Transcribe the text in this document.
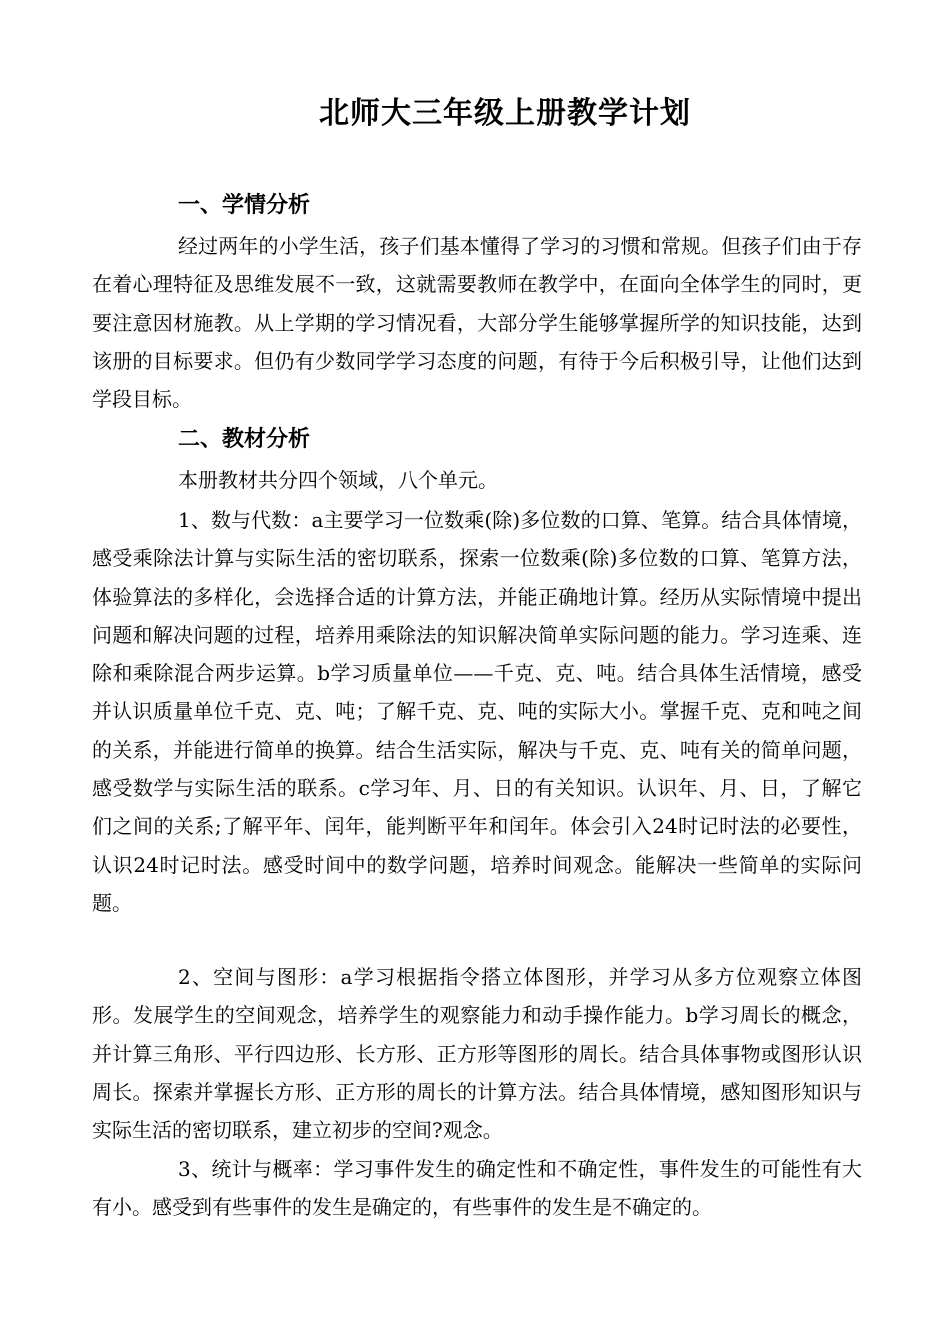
北师大三年级上册教学计划
一、学情分析

经过两年的小学生活，孩子们基本懂得了学习的习惯和常规。但孩子们由于存在着心理特征及思维发展不一致，这就需要教师在教学中，在面向全体学生的同时，更要注意因材施教。从上学期的学习情况看，大部分学生能够掌握所学的知识技能，达到该册的目标要求。但仍有少数同学学习态度的问题，有待于今后积极引导，让他们达到学段目标。

二、教材分析

本册教材共分四个领域，八个单元。

1、数与代数：a主要学习一位数乘(除)多位数的口算、笔算。结合具体情境，感受乘除法计算与实际生活的密切联系，探索一位数乘(除)多位数的口算、笔算方法，体验算法的多样化，会选择合适的计算方法，并能正确地计算。经历从实际情境中提出问题和解决问题的过程，培养用乘除法的知识解决简单实际问题的能力。学习连乘、连除和乘除混合两步运算。b学习质量单位——千克、克、吨。结合具体生活情境，感受并认识质量单位千克、克、吨；了解千克、克、吨的实际大小。掌握千克、克和吨之间的关系，并能进行简单的换算。结合生活实际，解决与千克、克、吨有关的简单问题，感受数学与实际生活的联系。c学习年、月、日的有关知识。认识年、月、日，了解它们之间的关系;了解平年、闰年，能判断平年和闰年。体会引入24时记时法的必要性，认识24时记时法。感受时间中的数学问题，培养时间观念。能解决一些简单的实际问题。

2、空间与图形：a学习根据指令搭立体图形，并学习从多方位观察立体图形。发展学生的空间观念，培养学生的观察能力和动手操作能力。b学习周长的概念，并计算三角形、平行四边形、长方形、正方形等图形的周长。结合具体事物或图形认识周长。探索并掌握长方形、正方形的周长的计算方法。结合具体情境，感知图形知识与实际生活的密切联系，建立初步的空间?观念。

3、统计与概率：学习事件发生的确定性和不确定性，事件发生的可能性有大有小。感受到有些事件的发生是确定的，有些事件的发生是不确定的。
